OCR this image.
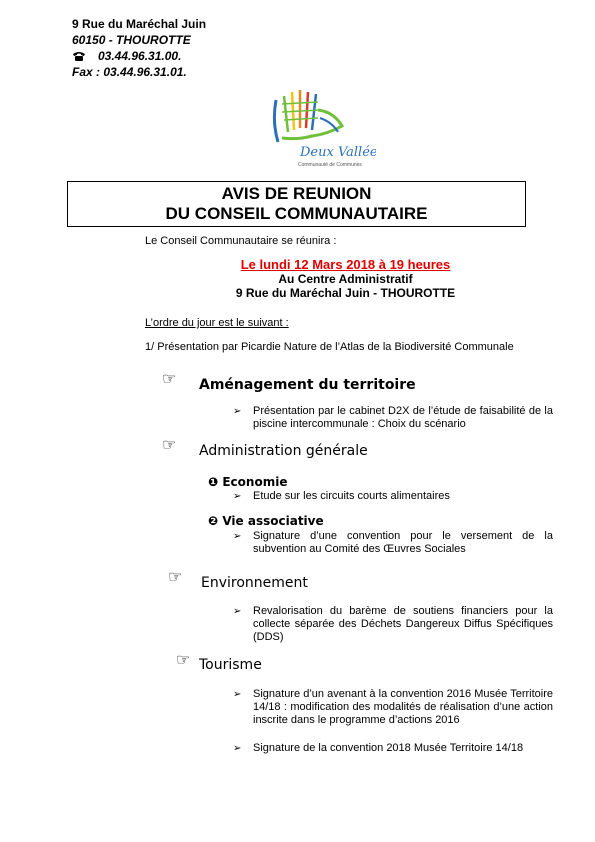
9 Rue du Maréchal Juin
60150 - THOUROTTE
03.44.96.31.00.
Fax : 03.44.96.31.01.
Deux Vallées
Communauté de Communes
AVIS DE REUNION
DU CONSEIL COMMUNAUTAIRE
Le Conseil Communautaire se réunira :
Le lundi 12 Mars 2018 à 19 heures
Au Centre Administratif
9 Rue du Maréchal Juin - THOUROTTE
L’ordre du jour est le suivant :
1/ Présentation par Picardie Nature de l’Atlas de la Biodiversité Communale
☞ Aménagement du territoire
➢	Présentation par le cabinet D2X de l’étude de faisabilité de la piscine intercommunale : Choix du scénario
☞ Administration générale
❶ Economie
➢	Etude sur les circuits courts alimentaires
❷ Vie associative
➢	Signature d’une convention pour le versement de la subvention au Comité des Œuvres Sociales
☞ Environnement
➢	Revalorisation du barème de soutiens financiers pour la collecte séparée des Déchets Dangereux Diffus Spécifiques (DDS)
☞ Tourisme
➢	Signature d’un avenant à la convention 2016 Musée Territoire 14/18 : modification des modalités de réalisation d’une action inscrite dans le programme d’actions 2016
➢	Signature de la convention 2018 Musée Territoire 14/18
